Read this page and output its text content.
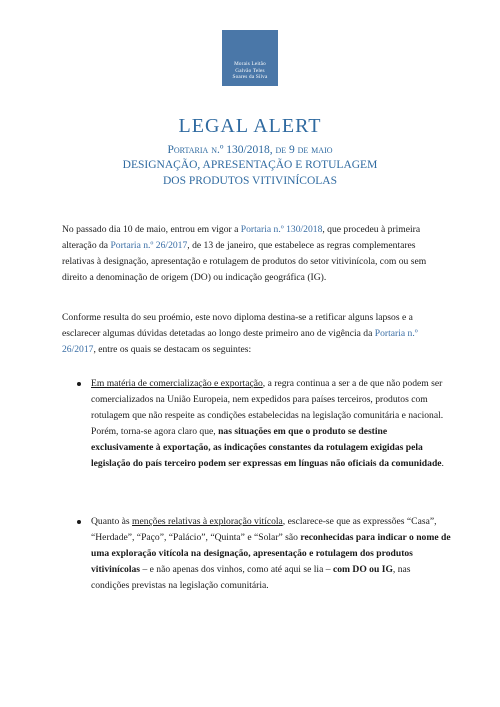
Morais Leitão
Galvão Teles
Soares da Silva
LEGAL ALERT
Portaria n.º 130/2018, de 9 de maio
DESIGNAÇÃO, APRESENTAÇÃO E ROTULAGEM
DOS PRODUTOS VITIVINÍCOLAS

No passado dia 10 de maio, entrou em vigor a Portaria n.º 130/2018, que procedeu à primeira alteração da Portaria n.º 26/2017, de 13 de janeiro, que estabelece as regras complementares relativas à designação, apresentação e rotulagem de produtos do setor vitivinícola, com ou sem direito a denominação de origem (DO) ou indicação geográfica (IG).

Conforme resulta do seu proémio, este novo diploma destina-se a retificar alguns lapsos e a esclarecer algumas dúvidas detetadas ao longo deste primeiro ano de vigência da Portaria n.º 26/2017, entre os quais se destacam os seguintes:

Em matéria de comercialização e exportação, a regra continua a ser a de que não podem ser comercializados na União Europeia, nem expedidos para países terceiros, produtos com rotulagem que não respeite as condições estabelecidas na legislação comunitária e nacional. Porém, torna-se agora claro que, nas situações em que o produto se destine exclusivamente à exportação, as indicações constantes da rotulagem exigidas pela legislação do país terceiro podem ser expressas em línguas não oficiais da comunidade.

Quanto às menções relativas à exploração vitícola, esclarece-se que as expressões “Casa”, “Herdade”, “Paço”, “Palácio”, “Quinta” e “Solar” são reconhecidas para indicar o nome de uma exploração vitícola na designação, apresentação e rotulagem dos produtos vitivinícolas – e não apenas dos vinhos, como até aqui se lia – com DO ou IG, nas condições previstas na legislação comunitária.
